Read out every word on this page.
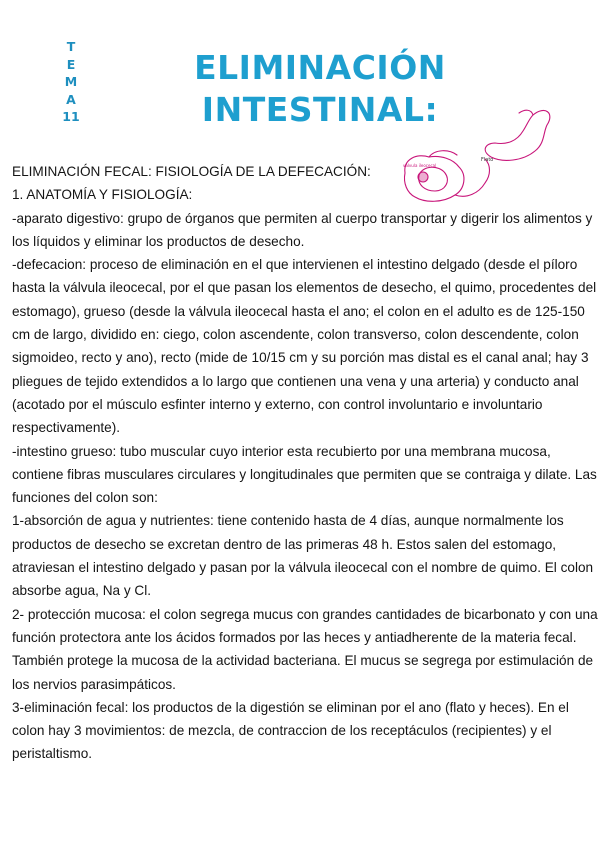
T
E
M
A
11
ELIMINACIÓN
INTESTINAL:
válvula ileocecal
Flato

ELIMINACIÓN FECAL: FISIOLOGÍA DE LA DEFECACIÓN:

1. ANATOMÍA Y FISIOLOGÍA:

-aparato digestivo: grupo de órganos que permiten al cuerpo transportar y digerir los alimentos y los líquidos y eliminar los productos de desecho.

-defecacion: proceso de eliminación en el que intervienen el intestino delgado (desde el píloro hasta la válvula ileocecal, por el que pasan los elementos de desecho, el quimo, procedentes del estomago), grueso (desde la válvula ileocecal hasta el ano; el colon en el adulto es de 125-150 cm de largo, dividido en: ciego, colon ascendente, colon transverso, colon descendente, colon sigmoideo, recto y ano), recto (mide de 10/15 cm y su porción mas distal es el canal anal; hay 3 pliegues de tejido extendidos a lo largo que contienen una vena y una arteria) y conducto anal (acotado por el músculo esfinter interno y externo, con control involuntario e involuntario respectivamente).

-intestino grueso: tubo muscular cuyo interior esta recubierto por una membrana mucosa, contiene fibras musculares circulares y longitudinales que permiten que se contraiga y dilate. Las funciones del colon son:

1-absorción de agua y nutrientes: tiene contenido hasta de 4 días, aunque normalmente los productos de desecho se excretan dentro de las primeras 48 h. Estos salen del estomago, atraviesan el intestino delgado y pasan por la válvula ileocecal con el nombre de quimo. El colon absorbe agua, Na y Cl.

2- protección mucosa: el colon segrega mucus con grandes cantidades de bicarbonato y con una función protectora ante los ácidos formados por las heces y antiadherente de la materia fecal. También protege la mucosa de la actividad bacteriana. El mucus se segrega por estimulación de los nervios parasimpáticos.

3-eliminación fecal: los productos de la digestión se eliminan por el ano (flato y heces). En el colon hay 3 movimientos: de mezcla, de contraccion de los receptáculos (recipientes) y el peristaltismo.
